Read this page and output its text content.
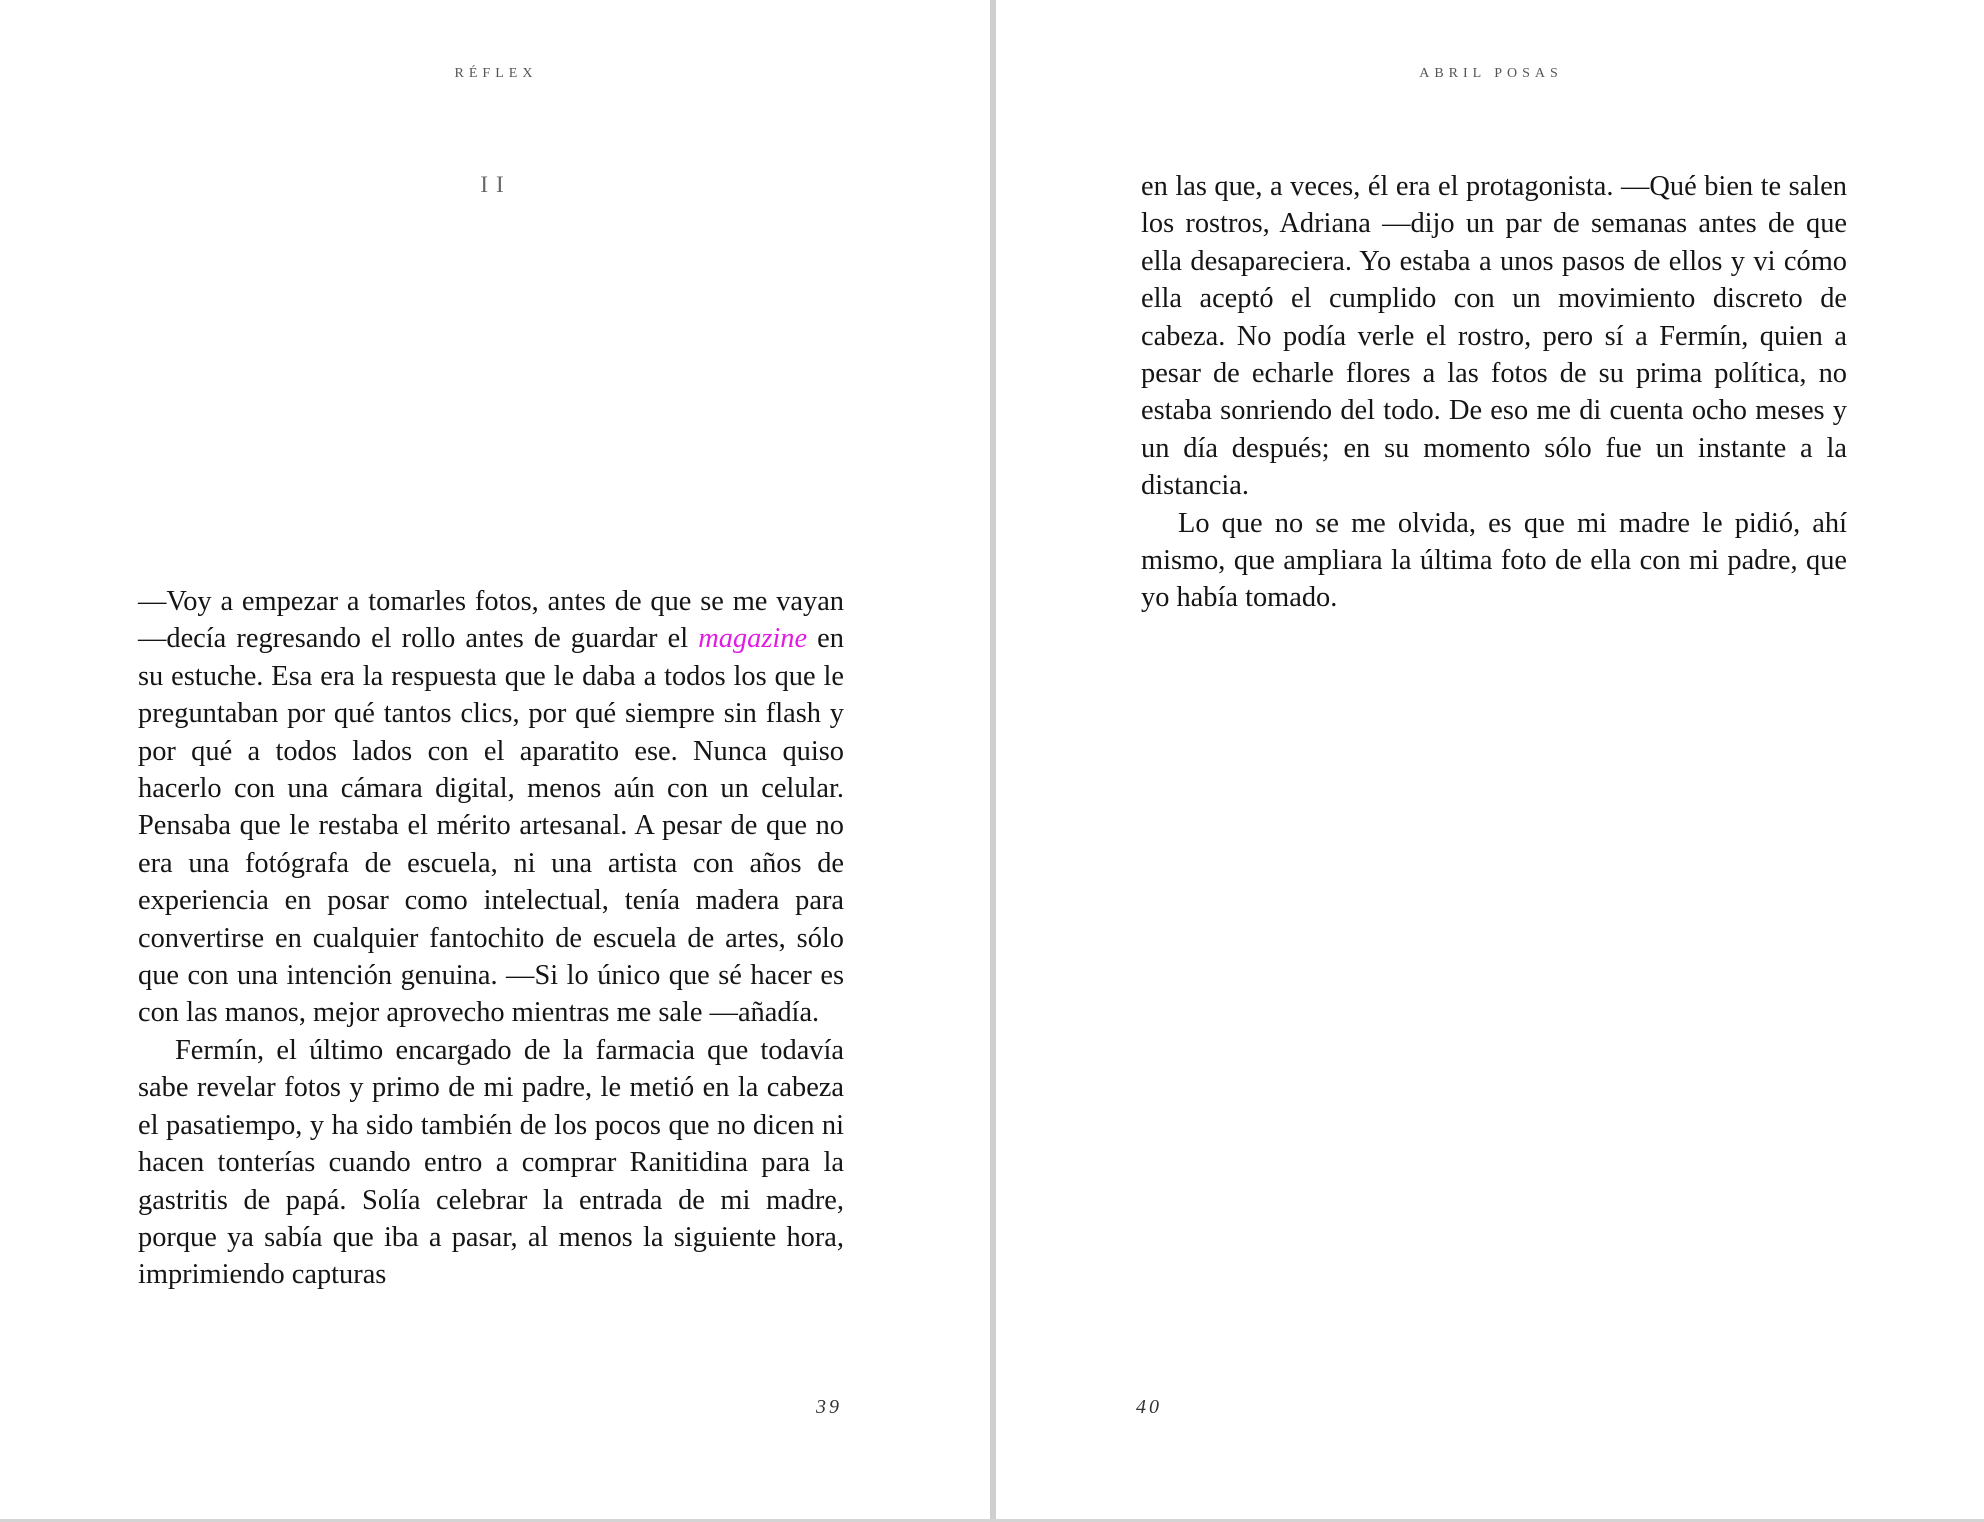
RÉFLEX
II

—Voy a empezar a tomarles fotos, antes de que se me vayan —decía regresando el rollo antes de guardar el magazine en su estuche. Esa era la respuesta que le daba a todos los que le preguntaban por qué tantos clics, por qué siempre sin flash y por qué a todos lados con el aparatito ese. Nunca quiso hacerlo con una cámara digital, menos aún con un celular. Pensaba que le restaba el mérito artesanal. A pesar de que no era una fotógrafa de escuela, ni una artista con años de experiencia en posar como intelectual, tenía madera para convertirse en cualquier fantochito de escuela de artes, sólo que con una intención genuina. —Si lo único que sé hacer es con las manos, mejor aprovecho mientras me sale —añadía.

Fermín, el último encargado de la farmacia que todavía sabe revelar fotos y primo de mi padre, le metió en la cabeza el pasatiempo, y ha sido también de los pocos que no dicen ni hacen tonterías cuando entro a comprar Ranitidina para la gastritis de papá. Solía celebrar la entrada de mi madre, porque ya sabía que iba a pasar, al menos la siguiente hora, imprimiendo capturas

39
ABRIL POSAS

en las que, a veces, él era el protagonista. —Qué bien te salen los rostros, Adriana —dijo un par de semanas antes de que ella desapareciera. Yo estaba a unos pasos de ellos y vi cómo ella aceptó el cumplido con un movimiento discreto de cabeza. No podía verle el rostro, pero sí a Fermín, quien a pesar de echarle flores a las fotos de su prima política, no estaba sonriendo del todo. De eso me di cuenta ocho meses y un día después; en su momento sólo fue un instante a la distancia.

Lo que no se me olvida, es que mi madre le pidió, ahí mismo, que ampliara la última foto de ella con mi padre, que yo había tomado.

40
